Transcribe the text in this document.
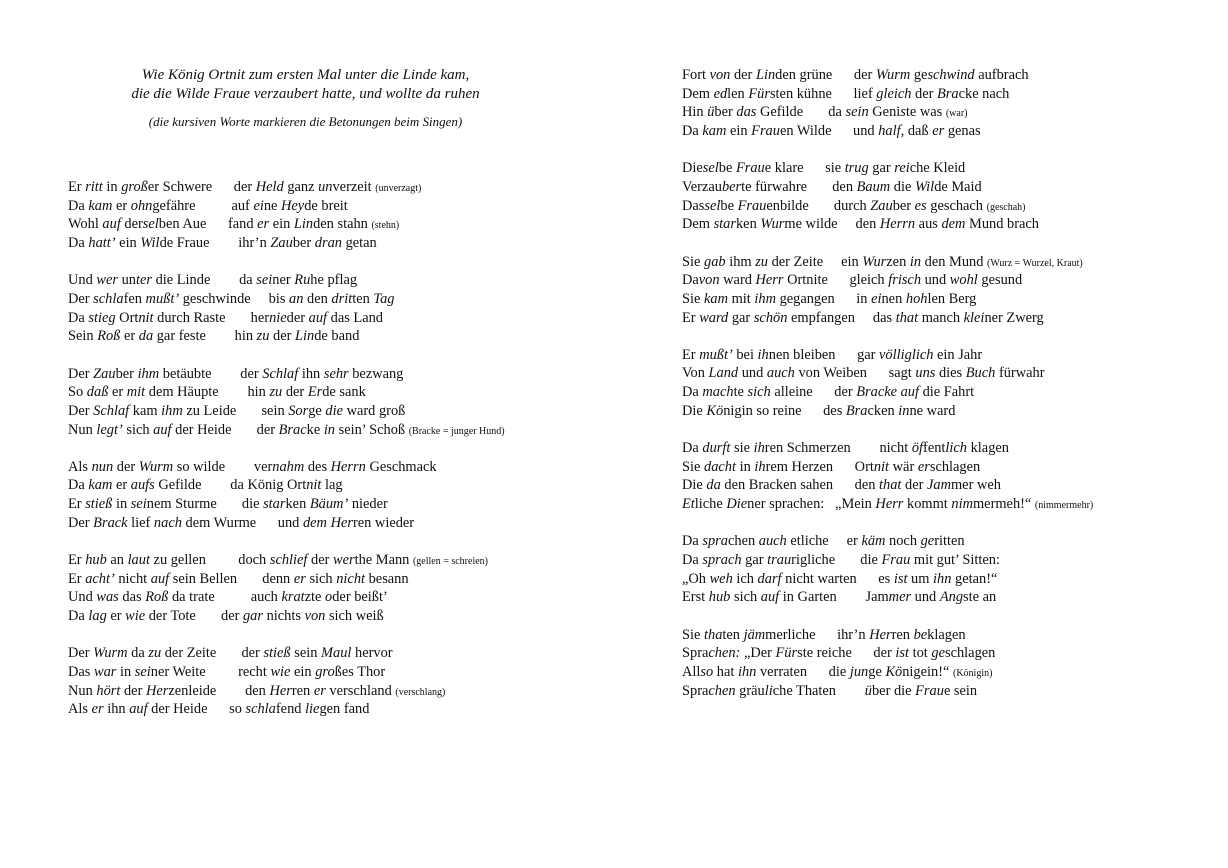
Wie König Ortnit zum ersten Mal unter die Linde kam,
die die Wilde Fraue verzaubert hatte, und wollte da ruhen
(die kursiven Worte markieren die Betonungen beim Singen)
Er ritt in großer Schwere      der Held ganz unverzeit (unverzagt)
Da kam er ohngefähre          auf eine Heyde breit
Wohl auf derselben Aue      fand er ein Linden stahn (stehn)
Da hatt’ ein Wilde Fraue        ihr’n Zauber dran getan
Und wer unter die Linde        da seiner Ruhe pflag
Der schlafen mußt’ geschwinde     bis an den dritten Tag
Da stieg Ortnit durch Raste       hernieder auf das Land
Sein Roß er da gar feste        hin zu der Linde band
Der Zauber ihm betäubte        der Schlaf ihn sehr bezwang
So daß er mit dem Häupte        hin zu der Erde sank
Der Schlaf kam ihm zu Leide       sein Sorge die ward groß
Nun legt’ sich auf der Heide       der Bracke in sein’ Schoß (Bracke = junger Hund)
Als nun der Wurm so wilde        vernahm des Herrn Geschmack
Da kam er aufs Gefilde        da König Ortnit lag
Er stieß in seinem Sturme       die starken Bäum’ nieder
Der Brack lief nach dem Wurme      und dem Herren wieder
Er hub an laut zu gellen         doch schlief der werthe Mann (gellen = schreien)
Er acht’ nicht auf sein Bellen       denn er sich nicht besann
Und was das Roß da trate          auch kratzte oder beißt’
Da lag er wie der Tote       der gar nichts von sich weiß
Der Wurm da zu der Zeite       der stieß sein Maul hervor
Das war in seiner Weite         recht wie ein großes Thor
Nun hört der Herzenleide        den Herren er verschland (verschlang)
Als er ihn auf der Heide      so schlafend liegen fand
Fort von der Linden grüne      der Wurm geschwind aufbrach
Dem edlen Fürsten kühne      lief gleich der Bracke nach
Hin über das Gefilde       da sein Geniste was (war)
Da kam ein Frauen Wilde      und half, daß er genas
Dieselbe Fraue klare      sie trug gar reiche Kleid
Verzauberte fürwahre       den Baum die Wilde Maid
Dasselbe Frauenbilde       durch Zauber es geschach (geschah)
Dem starken Wurme wilde     den Herrn aus dem Mund brach
Sie gab ihm zu der Zeite     ein Wurzen in den Mund (Wurz = Wurzel, Kraut)
Davon ward Herr Ortnite      gleich frisch und wohl gesund
Sie kam mit ihm gegangen      in einen hohlen Berg
Er ward gar schön empfangen     das that manch kleiner Zwerg
Er mußt’ bei ihnen bleiben      gar völliglich ein Jahr
Von Land und auch von Weiben      sagt uns dies Buch fürwahr
Da machte sich alleine      der Bracke auf die Fahrt
Die Königin so reine      des Bracken inne ward
Da durft sie ihren Schmerzen        nicht öffentlich klagen
Sie dacht in ihrem Herzen      Ortnit wär erschlagen
Die da den Bracken sahen      den that der Jammer weh
Etliche Diener sprachen:   „Mein Herr kommt nimmermeh!“ (nimmermehr)
Da sprachen auch etliche     er käm noch geritten
Da sprach gar traurigliche       die Frau mit gut’ Sitten:
„Oh weh ich darf nicht warten      es ist um ihn getan!“
Erst hub sich auf in Garten        Jammer und Angste an
Sie thaten jämmerliche      ihr’n Herren beklagen
Sprachen: „Der Fürste reiche      der ist tot geschlagen
Allso hat ihn verraten      die junge Königein!“ (Königin)
Sprachen gräuliche Thaten        über die Fraue sein
